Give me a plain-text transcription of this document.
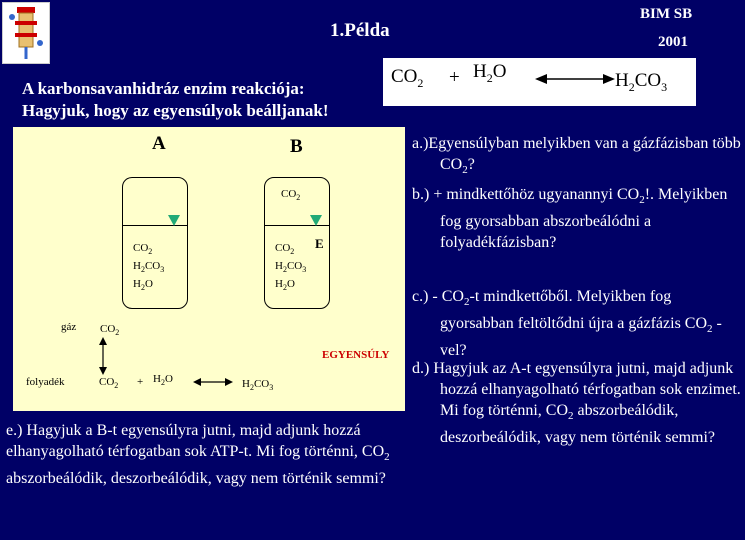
1.Példa
BIM SB
2001
A karbonsavanhidráz enzim reakciója:
Hagyjuk, hogy az egyensúlyok beálljanak!
$CO_2 + H_2O$	$H_2CO_3$
A	B
$CO_2$
$H_2CO_3$
$H_2O$
$CO_2$
E
$CO_2$
$H_2CO_3$
$H_2O$
gáz $CO_2$
EGYENSÚLY
folyadék	$CO_2 + H_2O$	$H_2CO_3$
a.)Egyensúlyban melyikben van a gázfázisban több $CO_2$?
b.) + mindkettőhöz ugyanannyi $CO_2$!. Melyikben fog gyorsabban abszorbeálódni a folyadékfázisban?
$c.) - CO_2-t$ mindkettőből. Melyikben fog gyorsabban feltöltődni újra a gázfázis $CO_2$ -vel?
d.) Hagyjuk az A-t egyensúlyra jutni, majd adjunk hozzá elhanyagolható térfogatban sok enzimet. Mi fog történni, $CO_2$ abszorbeálódik, deszorbeálódik, vagy nem történik semmi?
e.) Hagyjuk a B-t egyensúlyra jutni, majd adjunk hozzá elhanyagolható térfogatban sok ATP-t. Mi fog történni, $CO_2$ abszorbeálódik, deszorbeálódik, vagy nem történik semmi?
